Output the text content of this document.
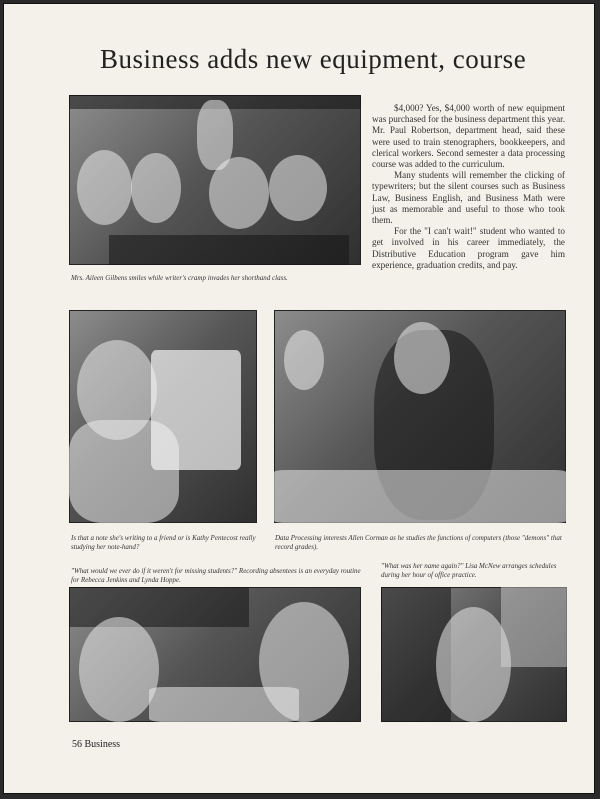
Business adds new equipment, course
Mrs. Aileen Gilbens smiles while writer's cramp invades her shorthand class.

$4,000? Yes, $4,000 worth of new equipment was purchased for the business department this year. Mr. Paul Robertson, department head, said these were used to train stenographers, bookkeepers, and clerical workers. Second semester a data processing course was added to the curriculum.

Many students will remember the clicking of typewriters; but the silent courses such as Business Law, Business English, and Business Math were just as memorable and useful to those who took them.

For the "I can't wait!" student who wanted to get involved in his career immediately, the Distributive Education program gave him experience, graduation credits, and pay.

Is that a note she's writing to a friend or is Kathy Pentecost really studying her note-hand?
Data Processing interests Allen Corman as he studies the functions of computers (those "demons" that record grades).
"What would we ever do if it weren't for missing students?" Recording absentees is an everyday routine for Rebecca Jenkins and Lynda Hoppe.
"What was her name again?" Lisa McNew arranges schedules during her hour of office practice.
56 Business
